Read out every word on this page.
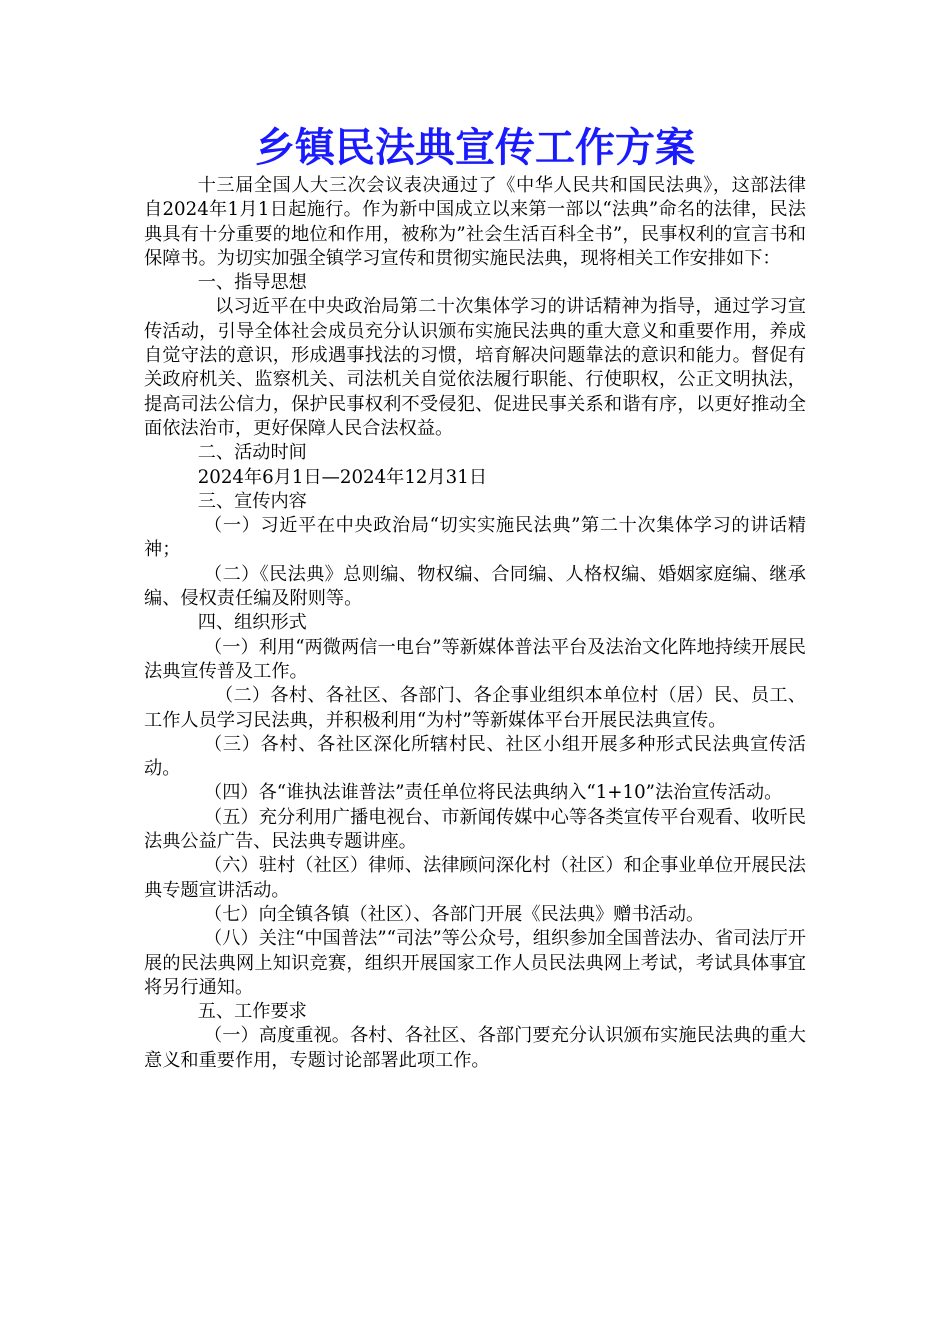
乡镇民法典宣传工作方案

十三届全国人大三次会议表决通过了《中华人民共和国民法典》，这部法律自2024年1月1日起施行。作为新中国成立以来第一部以“法典”命名的法律，民法典具有十分重要的地位和作用，被称为”社会生活百科全书”，民事权利的宣言书和保障书。为切实加强全镇学习宣传和贯彻实施民法典，现将相关工作安排如下：

一、指导思想

以习近平在中央政治局第二十次集体学习的讲话精神为指导，通过学习宣传活动，引导全体社会成员充分认识颁布实施民法典的重大意义和重要作用，养成自觉守法的意识，形成遇事找法的习惯，培育解决问题靠法的意识和能力。督促有关政府机关、监察机关、司法机关自觉依法履行职能、行使职权，公正文明执法，提高司法公信力，保护民事权利不受侵犯、促进民事关系和谐有序，以更好推动全面依法治市，更好保障人民合法权益。

二、活动时间

2024年6月1日—2024年12月31日

三、宣传内容

（一）习近平在中央政治局“切实实施民法典”第二十次集体学习的讲话精神；

（二）《民法典》总则编、物权编、合同编、人格权编、婚姻家庭编、继承编、侵权责任编及附则等。

四、组织形式

（一）利用“两微两信一电台”等新媒体普法平台及法治文化阵地持续开展民法典宣传普及工作。

（二）各村、各社区、各部门、各企事业组织本单位村（居）民、员工、工作人员学习民法典，并积极利用“为村”等新媒体平台开展民法典宣传。

（三）各村、各社区深化所辖村民、社区小组开展多种形式民法典宣传活动。

（四）各“谁执法谁普法”责任单位将民法典纳入“1+10”法治宣传活动。

（五）充分利用广播电视台、市新闻传媒中心等各类宣传平台观看、收听民法典公益广告、民法典专题讲座。

（六）驻村（社区）律师、法律顾问深化村（社区）和企事业单位开展民法典专题宣讲活动。

（七）向全镇各镇（社区）、各部门开展《民法典》赠书活动。

（八）关注“中国普法”“司法”等公众号，组织参加全国普法办、省司法厅开展的民法典网上知识竞赛，组织开展国家工作人员民法典网上考试，考试具体事宜将另行通知。

五、工作要求

（一）高度重视。各村、各社区、各部门要充分认识颁布实施民法典的重大意义和重要作用，专题讨论部署此项工作。
